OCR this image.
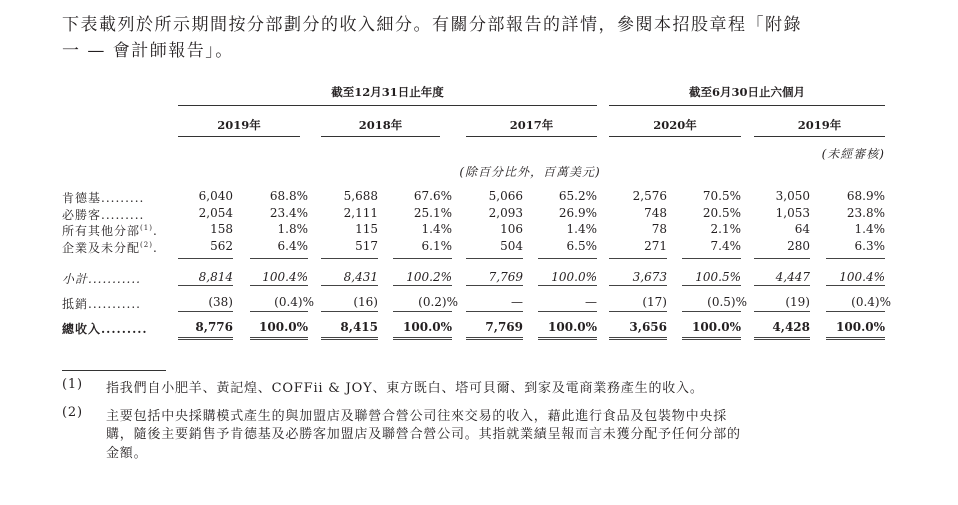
下表載列於所示期間按分部劃分的收入細分。有關分部報告的詳情，參閱本招股章程「附錄
一 — 會計師報告」。
截至12月31日止年度	截至6月30日止六個月
2019年	2018年	2017年	2020年	2019年
(未經審核)
(除百分比外，百萬美元)
肯德基.........	6,040	68.8%	5,688	67.6%	5,066	65.2%	2,576	70.5%	3,050	68.9%
必勝客.........	2,054	23.4%	2,111	25.1%	2,093	26.9%	748	20.5%	1,053	23.8%
所有其他分部$^{(1)}$.	158	1.8%	115	1.4%	106	1.4%	78	2.1%	64	1.4%
企業及未分配$^{(2)}$.	562	6.4%	517	6.1%	504	6.5%	271	7.4%	280	6.3%
小計...........	8,814	100.4%	8,431	100.2%	7,769	100.0%	3,673	100.5%	4,447	100.4%
抵銷...........	(38)	(0.4)%	(16)	(0.2)%	—	—	(17)	(0.5)%	(19)	(0.4)%
總收入.........	8,776	100.0%	8,415	100.0%	7,769	100.0%	3,656	100.0%	4,428	100.0%
(1) 指我們自小肥羊、黃記煌、COFFii & JOY、東方既白、塔可貝爾、到家及電商業務產生的收入。
(2) 主要包括中央採購模式產生的與加盟店及聯營合營公司往來交易的收入，藉此進行食品及包裝物中央採
購，隨後主要銷售予肯德基及必勝客加盟店及聯營合營公司。其指就業績呈報而言未獲分配予任何分部的
金額。
